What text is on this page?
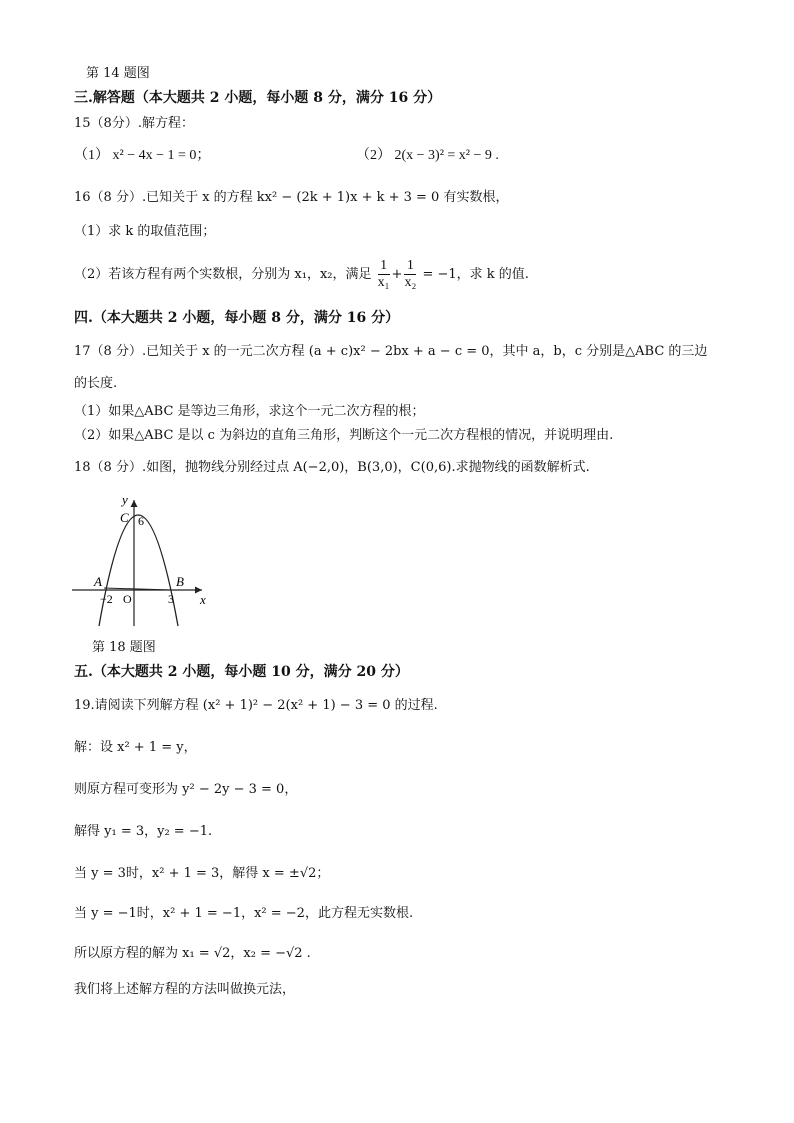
第 14 题图
三.解答题（本大题共 2 小题，每小题 8 分，满分 16 分）
15（8分）.解方程：
（1） x² − 4x − 1 = 0；	（2） 2(x − 3)² = x² − 9 .
16（8 分）.已知关于 x 的方程 kx² − (2k + 1)x + k + 3 = 0 有实数根，
（1）求 k 的取值范围；
（2）若该方程有两个实数根，分别为 x₁，x₂，满足 $\frac{1}{\text{x₁}} + \frac{1}{\text{x₂}} = -1$，求 k 的值.
四.（本大题共 2 小题，每小题 8 分，满分 16 分）
17（8 分）.已知关于 x 的一元二次方程 (a + c)x² − 2bx + a − c = 0，其中 a，b，c 分别是△ABC 的三边
的长度.
（1）如果△ABC 是等边三角形，求这个一元二次方程的根；
（2）如果△ABC 是以 c 为斜边的直角三角形，判断这个一元二次方程根的情况，并说明理由.
18（8 分）.如图，抛物线分别经过点 A(−2,0)，B(3,0)，C(0,6).求抛物线的函数解析式.
y
x
C 6
A	B
−2 O	3
第 18 题图
五.（本大题共 2 小题，每小题 10 分，满分 20 分）
19.请阅读下列解方程 (x² + 1)² − 2(x² + 1) − 3 = 0 的过程.
解：设 x² + 1 = y，
则原方程可变形为 y² − 2y − 3 = 0，
解得 y₁ = 3，y₂ = −1.
当 y = 3时，x² + 1 = 3，解得 x = ±√2；
当 y = −1时，x² + 1 = −1，x² = −2，此方程无实数根.
所以原方程的解为 x₁ = √2，x₂ = −√2 .
我们将上述解方程的方法叫做换元法，
